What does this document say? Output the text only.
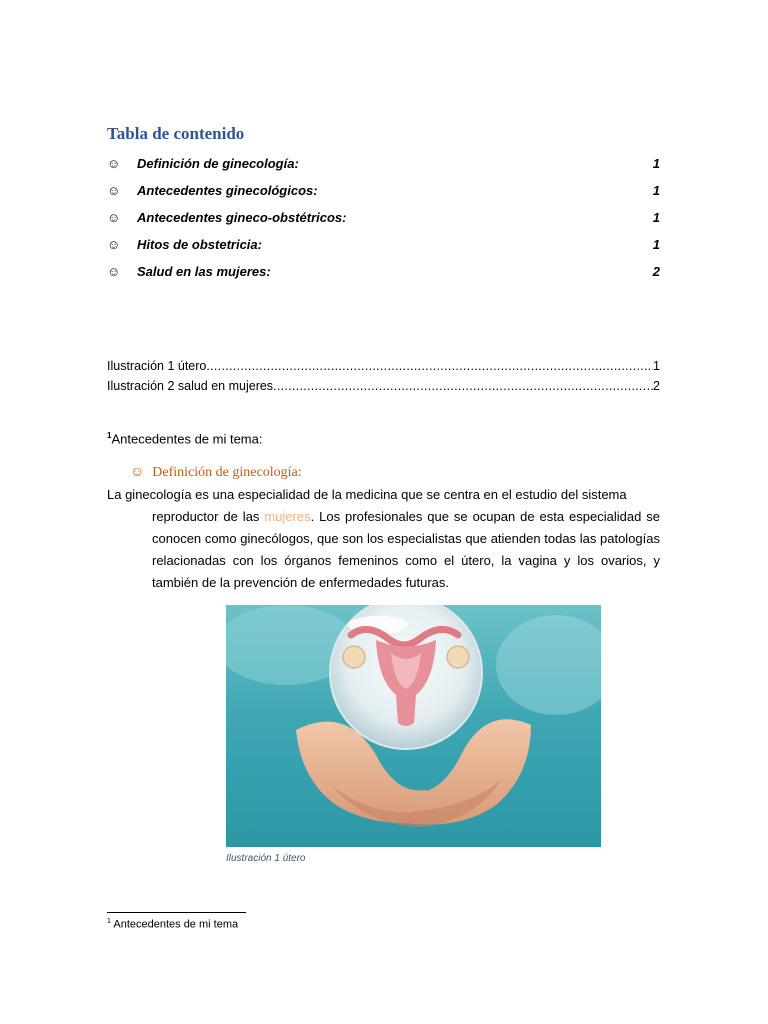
Tabla de contenido
☺ Definición de ginecología:	1
☺ Antecedentes ginecológicos:	1
☺ Antecedentes gineco-obstétricos:	1
☺ Hitos de obstetricia:	1
☺ Salud en las mujeres:	2
Ilustración 1 útero .....	1
Ilustración 2 salud en mujeres .....	2
$^1$Antecedentes de mi tema:
☺ Definición de ginecología:
La ginecología es una especialidad de la medicina que se centra en el estudio del sistema
reproductor de las mujeres. Los profesionales que se ocupan de esta especialidad se conocen como ginecólogos, que son los especialistas que atienden todas las patologías relacionadas con los órganos femeninos como el útero, la vagina y los ovarios, y también de la prevención de enfermedades futuras.
Ilustración 1 útero
$^1$ Antecedentes de mi tema
